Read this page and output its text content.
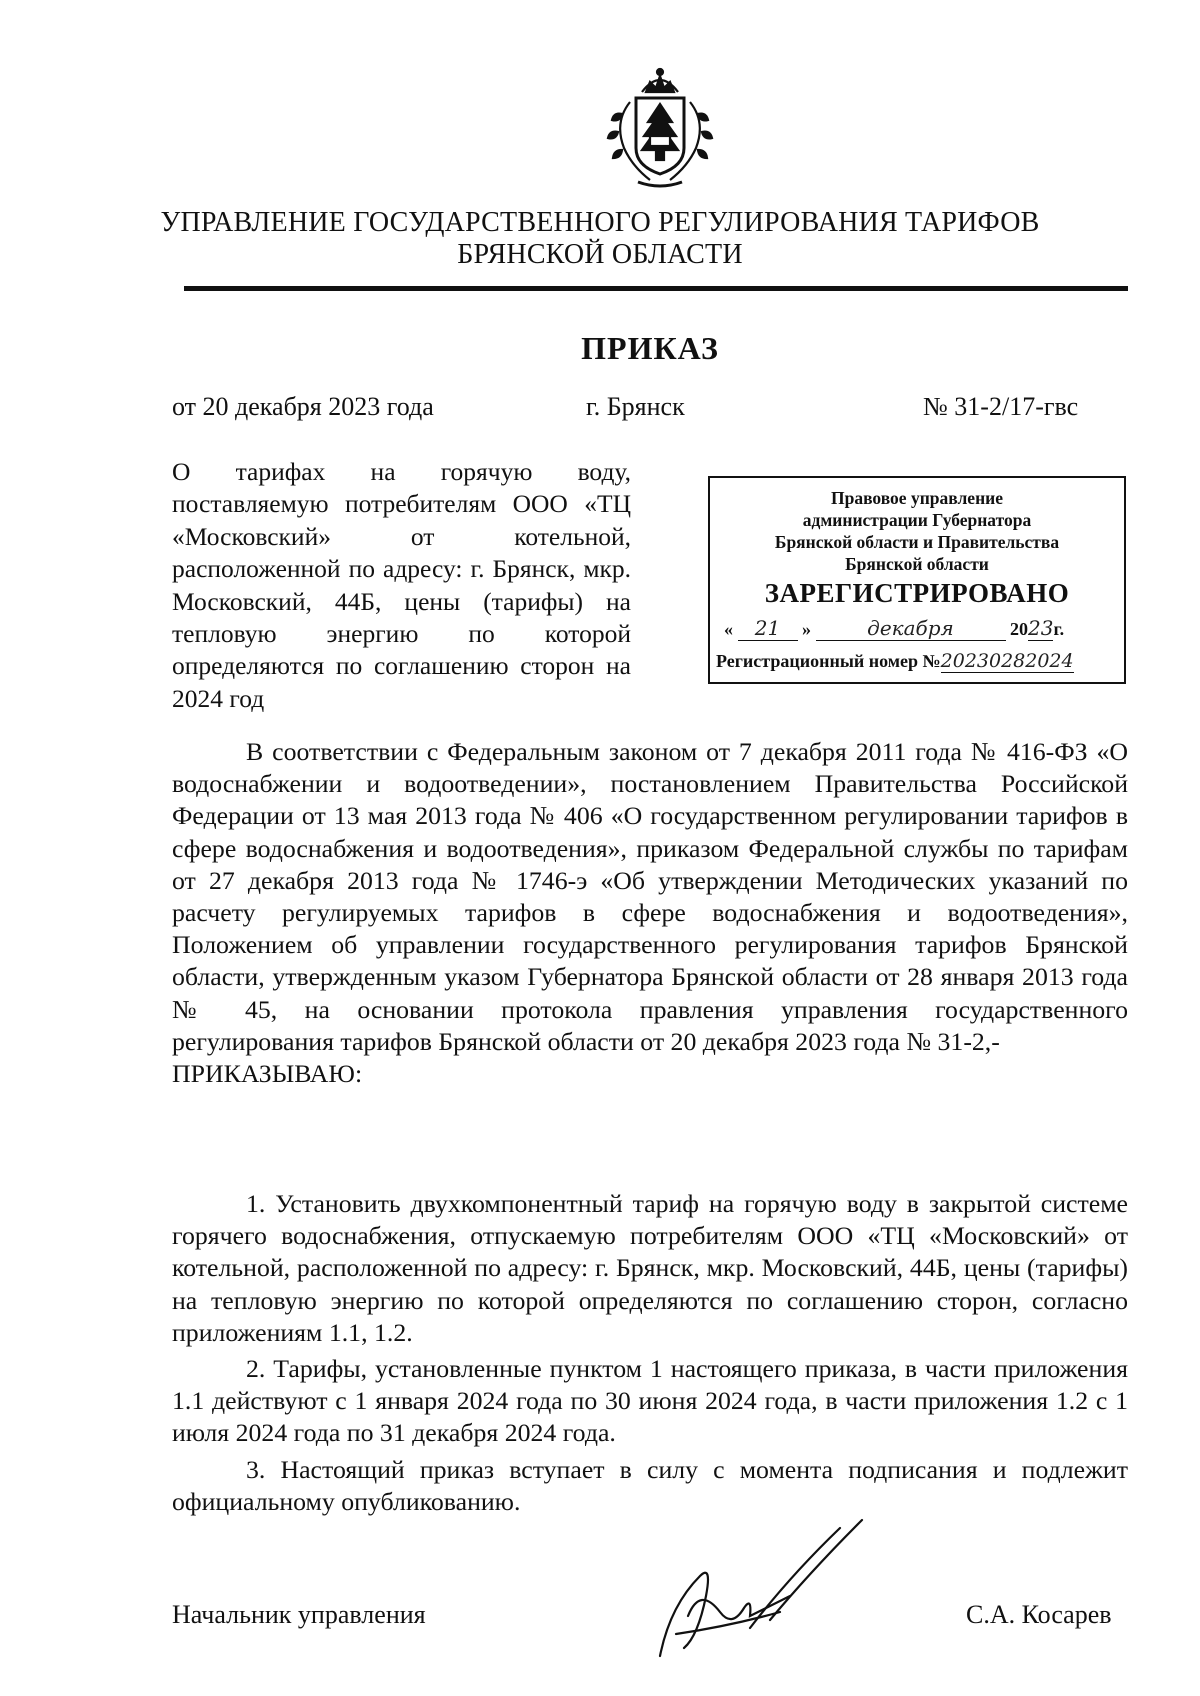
УПРАВЛЕНИЕ ГОСУДАРСТВЕННОГО РЕГУЛИРОВАНИЯ ТАРИФОВ
БРЯНСКОЙ ОБЛАСТИ
ПРИКАЗ
от 20 декабря 2023 года	г. Брянск	№ 31-2/17-гвс

О тарифах на горячую воду, поставляемую потребителям ООО «ТЦ «Московский» от котельной, расположенной по адресу: г. Брянск, мкр. Московский, 44Б, цены (тарифы) на тепловую энергию по которой определяются по соглашению сторон на 2024 год

Правовое управление
администрации Губернатора
Брянской области и Правительства
Брянской области
ЗАРЕГИСТРИРОВАНО
« 21 »	декабря	2023г.
Регистрационный номер №20230282024

В соответствии с Федеральным законом от 7 декабря 2011 года № 416-ФЗ «О водоснабжении и водоотведении», постановлением Правительства Российской Федерации от 13 мая 2013 года № 406 «О государственном регулировании тарифов в сфере водоснабжения и водоотведения», приказом Федеральной службы по тарифам от 27 декабря 2013 года № 1746-э «Об утверждении Методических указаний по расчету регулируемых тарифов в сфере водоснабжения и водоотведения», Положением об управлении государственного регулирования тарифов Брянской области, утвержденным указом Губернатора Брянской области от 28 января 2013 года № 45, на основании протокола правления управления государственного регулирования тарифов Брянской области от 20 декабря 2023 года № 31-2,-

ПРИКАЗЫВАЮ:

1. Установить двухкомпонентный тариф на горячую воду в закрытой системе горячего водоснабжения, отпускаемую потребителям ООО «ТЦ «Московский» от котельной, расположенной по адресу: г. Брянск, мкр. Московский, 44Б, цены (тарифы) на тепловую энергию по которой определяются по соглашению сторон, согласно приложениям 1.1, 1.2.

2. Тарифы, установленные пунктом 1 настоящего приказа, в части приложения 1.1 действуют с 1 января 2024 года по 30 июня 2024 года, в части приложения 1.2 с 1 июля 2024 года по 31 декабря 2024 года.

3. Настоящий приказ вступает в силу с момента подписания и подлежит официальному опубликованию.

Начальник управления	С.А. Косарев
